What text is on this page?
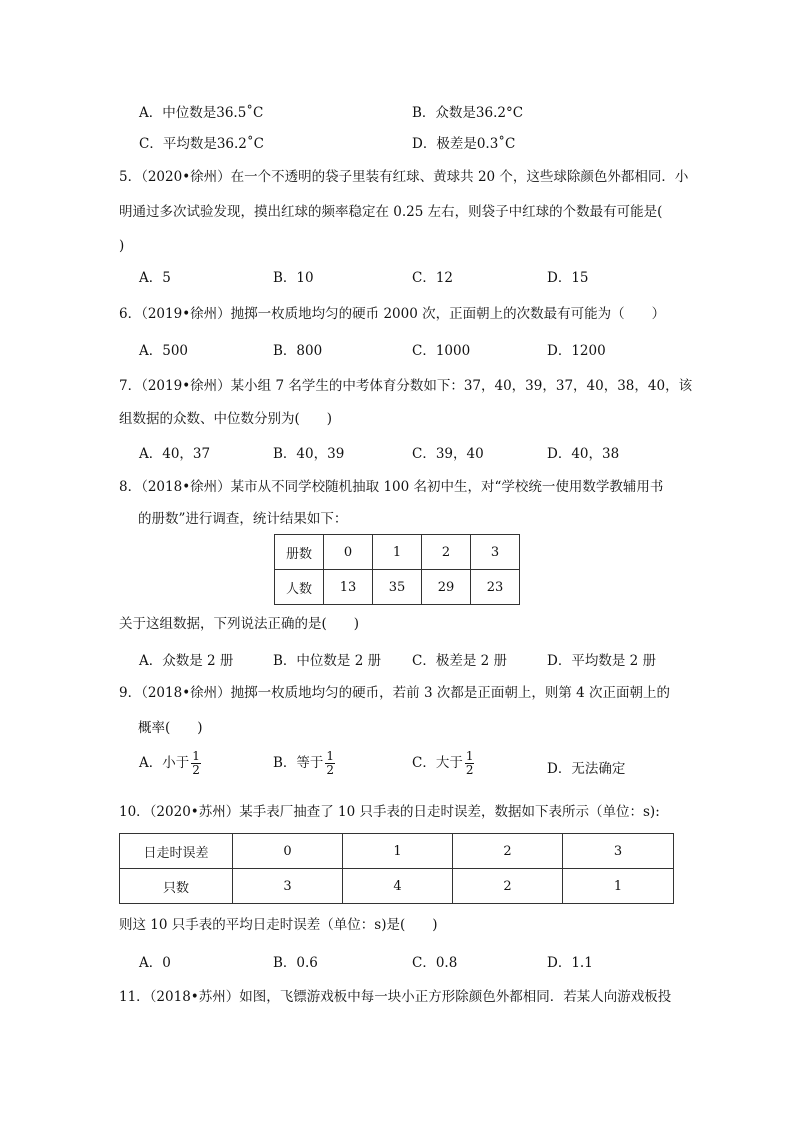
A．中位数是36.5˚C	B．众数是36.2°C
C．平均数是36.2˚C	D．极差是0.3˚C
5．（2020•徐州）在一个不透明的袋子里装有红球、黄球共 20 个，这些球除颜色外都相同．小
明通过多次试验发现，摸出红球的频率稳定在 0.25 左右，则袋子中红球的个数最有可能是(
)
A．5	B．10	C．12	D．15
6．（2019•徐州）抛掷一枚质地均匀的硬币 2000 次，正面朝上的次数最有可能为（　　）
A．500	B．800	C．1000	D．1200
7．（2019•徐州）某小组 7 名学生的中考体育分数如下：37，40，39，37，40，38，40，该
组数据的众数、中位数分别为(　　)
A．40，37	B．40，39	C．39，40	D．40，38
8．（2018•徐州）某市从不同学校随机抽取 100 名初中生，对“学校统一使用数学教辅用书
的册数”进行调查，统计结果如下：
册数	0	1	2	3
人数	13	35	29	23
关于这组数据，下列说法正确的是(　　)
A．众数是 2 册	B．中位数是 2 册 C．极差是 2 册	D．平均数是 2 册
9．（2018•徐州）抛掷一枚质地均匀的硬币，若前 3 次都是正面朝上，则第 4 次正面朝上的
概率(　　)
A．小于 $\frac{1}{2}$	B．等于 $\frac{1}{2}$	C．大于 $\frac{1}{2}$	D．无法确定
10．（2020•苏州）某手表厂抽查了 10 只手表的日走时误差，数据如下表所示（单位：s):
日走时误差	0	1	2	3
只数	3	4	2	1
则这 10 只手表的平均日走时误差（单位：s)是(　　)
A．0	B．0.6	C．0.8	D．1.1
11．（2018•苏州）如图，飞镖游戏板中每一块小正方形除颜色外都相同．若某人向游戏板投
